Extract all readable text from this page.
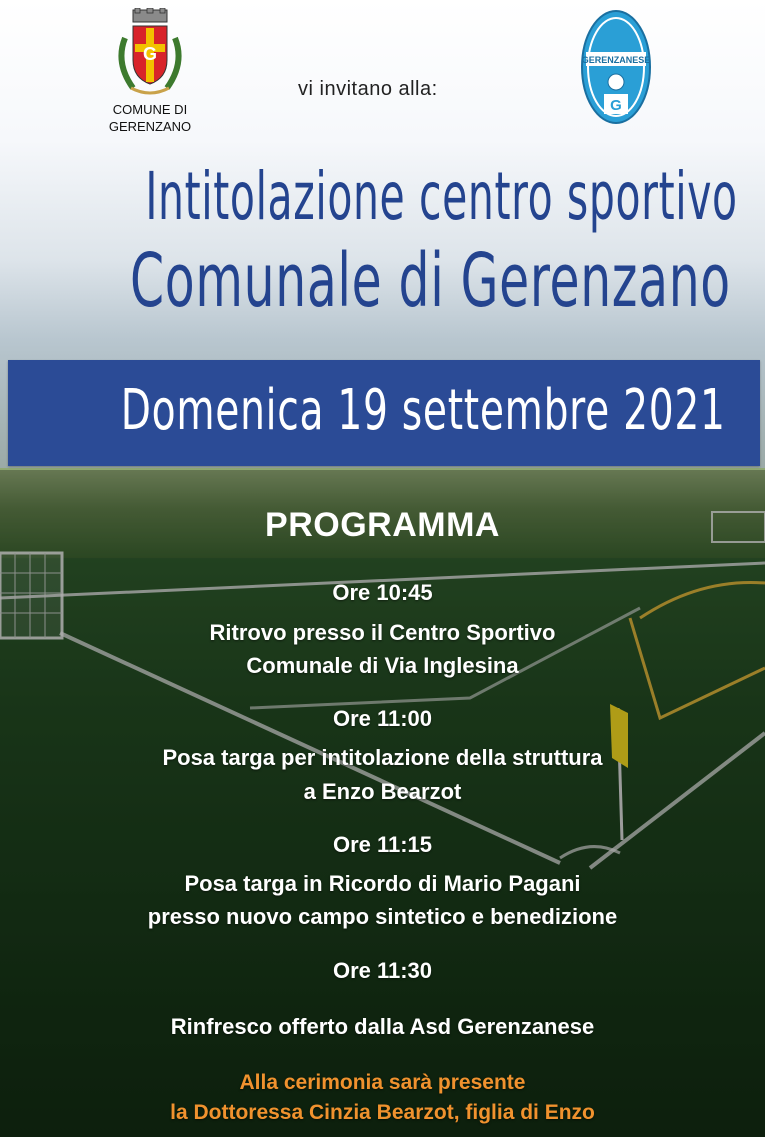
G
COMUNE DI
GERENZANO
vi invitano alla:
GERENZANESE
G
Intitolazione centro sportivo
Comunale di Gerenzano
Domenica 19 settembre 2021
PROGRAMMA
Ore 10:45
Ritrovo presso il Centro Sportivo
Comunale di Via Inglesina
Ore 11:00
Posa targa per intitolazione della struttura
a Enzo Bearzot
Ore 11:15
Posa targa in Ricordo di Mario Pagani
presso nuovo campo sintetico e benedizione
Ore 11:30
Rinfresco offerto dalla Asd Gerenzanese
Alla cerimonia sarà presente
la Dottoressa Cinzia Bearzot, figlia di Enzo
